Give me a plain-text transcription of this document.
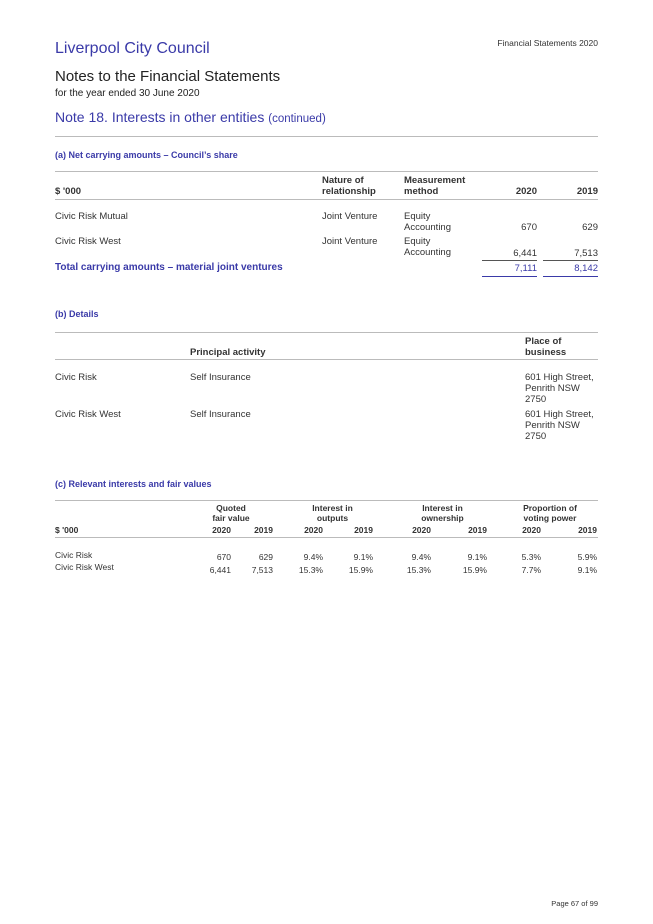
Liverpool City Council	Financial Statements 2020
Notes to the Financial Statements
for the year ended 30 June 2020
Note 18. Interests in other entities (continued)
(a) Net carrying amounts – Council’s share
$ '000
Nature of
relationship
Measurement
method	2020	2019
Civic Risk Mutual	Joint Venture	Equity
Accounting	670	629
Civic Risk West	Joint Venture	Equity
Accounting	6,441	7,513
Total carrying amounts – material joint ventures	7,111	8,142
(b) Details
Principal activity
Place of
business
Civic Risk	Self Insurance	601 High Street,
Penrith NSW
2750
Civic Risk West	Self Insurance	601 High Street,
Penrith NSW
2750
(c) Relevant interests and fair values
Quoted
fair value
Interest in
outputs
Interest in
ownership
Proportion of
voting power
$ '000	2020	2019	2020	2019	2020	2019	2020	2019
Civic Risk	670	629	9.4%	9.1%	9.4%	9.1%	5.3%	5.9%
Civic Risk West	6,441	7,513	15.3%	15.9%	15.3%	15.9%	7.7%	9.1%
Page 67 of 99
